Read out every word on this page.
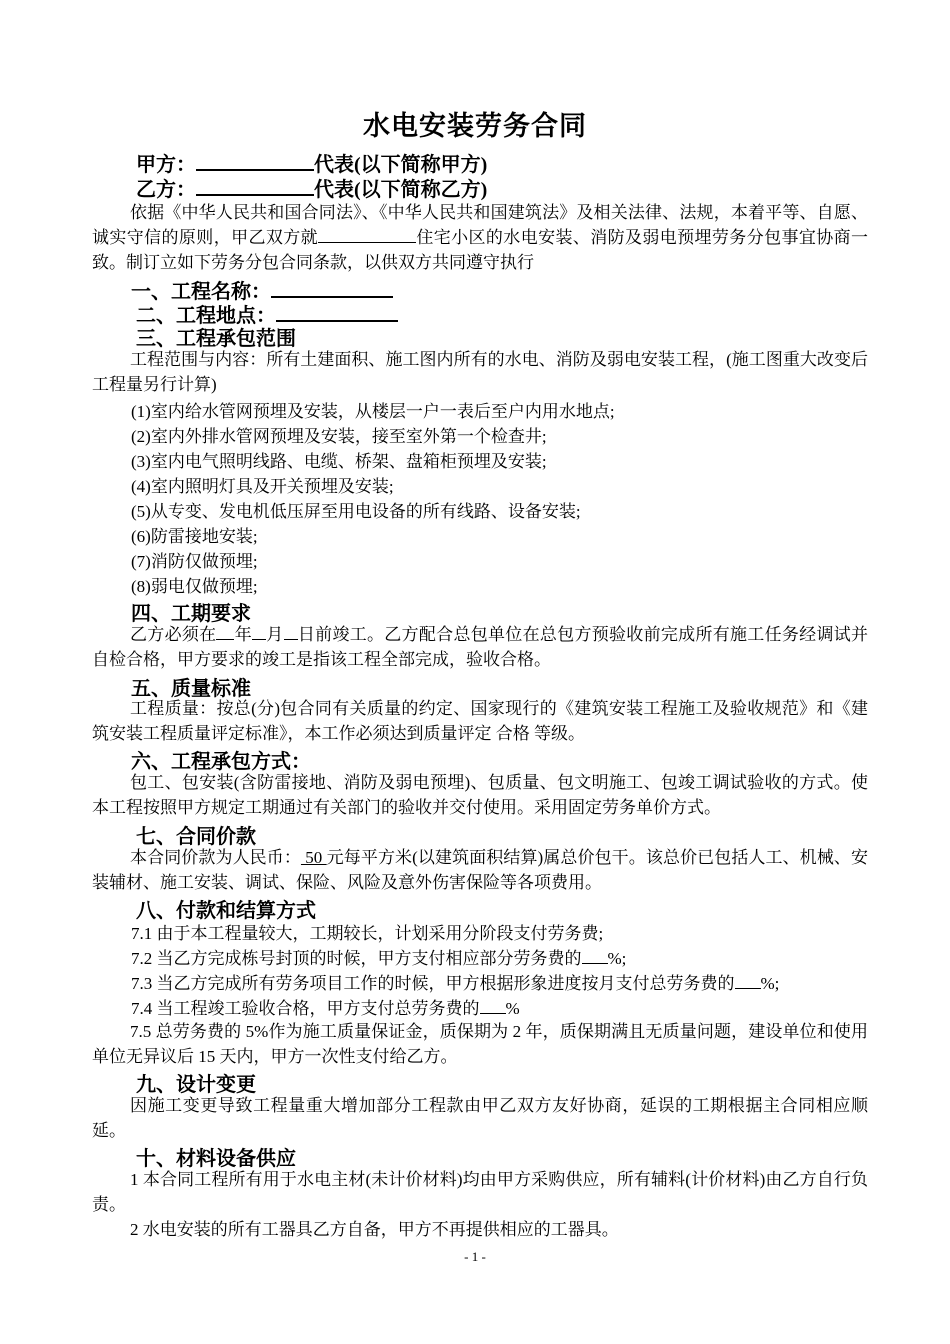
水电安装劳务合同
甲方：	代表(以下简称甲方)
乙方：	代表(以下简称乙方)
依据《中华人民共和国合同法》、《中华人民共和国建筑法》及相关法律、法规，本着平等、自愿、诚实守信的原则，甲乙双方就	住宅小区的水电安装、消防及弱电预埋劳务分包事宜协商一致。制订立如下劳务分包合同条款，以供双方共同遵守执行
一、工程名称：
二、工程地点：
三、工程承包范围
工程范围与内容：所有土建面积、施工图内所有的水电、消防及弱电安装工程，(施工图重大改变后工程量另行计算)
(1)室内给水管网预埋及安装，从楼层一户一表后至户内用水地点;
(2)室内外排水管网预埋及安装，接至室外第一个检查井;
(3)室内电气照明线路、电缆、桥架、盘箱柜预埋及安装;
(4)室内照明灯具及开关预埋及安装;
(5)从专变、发电机低压屏至用电设备的所有线路、设备安装;
(6)防雷接地安装;
(7)消防仅做预埋;
(8)弱电仅做预埋;
四、工期要求
乙方必须在 年 月 日前竣工。乙方配合总包单位在总包方预验收前完成所有施工任务经调试并自检合格，甲方要求的竣工是指该工程全部完成，验收合格。
五、质量标准
工程质量：按总(分)包合同有关质量的约定、国家现行的《建筑安装工程施工及验收规范》和《建筑安装工程质量评定标准》，本工作必须达到质量评定 合格 等级。
六、工程承包方式：
包工、包安装(含防雷接地、消防及弱电预埋)、包质量、包文明施工、包竣工调试验收的方式。使本工程按照甲方规定工期通过有关部门的验收并交付使用。采用固定劳务单价方式。
七、合同价款
本合同价款为人民币： 50 元每平方米(以建筑面积结算)属总价包干。该总价已包括人工、机械、安装辅材、施工安装、调试、保险、风险及意外伤害保险等各项费用。
八、付款和结算方式
7.1 由于本工程量较大，工期较长，计划采用分阶段支付劳务费;
7.2 当乙方完成栋号封顶的时候，甲方支付相应部分劳务费的 %;
7.3 当乙方完成所有劳务项目工作的时候，甲方根据形象进度按月支付总劳务费的 %;
7.4 当工程竣工验收合格，甲方支付总劳务费的 %
7.5 总劳务费的 5%作为施工质量保证金，质保期为 2 年，质保期满且无质量问题，建设单位和使用单位无异议后 15 天内，甲方一次性支付给乙方。
九、设计变更
因施工变更导致工程量重大增加部分工程款由甲乙双方友好协商，延误的工期根据主合同相应顺延。
十、材料设备供应
1 本合同工程所有用于水电主材(未计价材料)均由甲方采购供应，所有辅料(计价材料)由乙方自行负责。
2 水电安装的所有工器具乙方自备，甲方不再提供相应的工器具。
- 1 -
